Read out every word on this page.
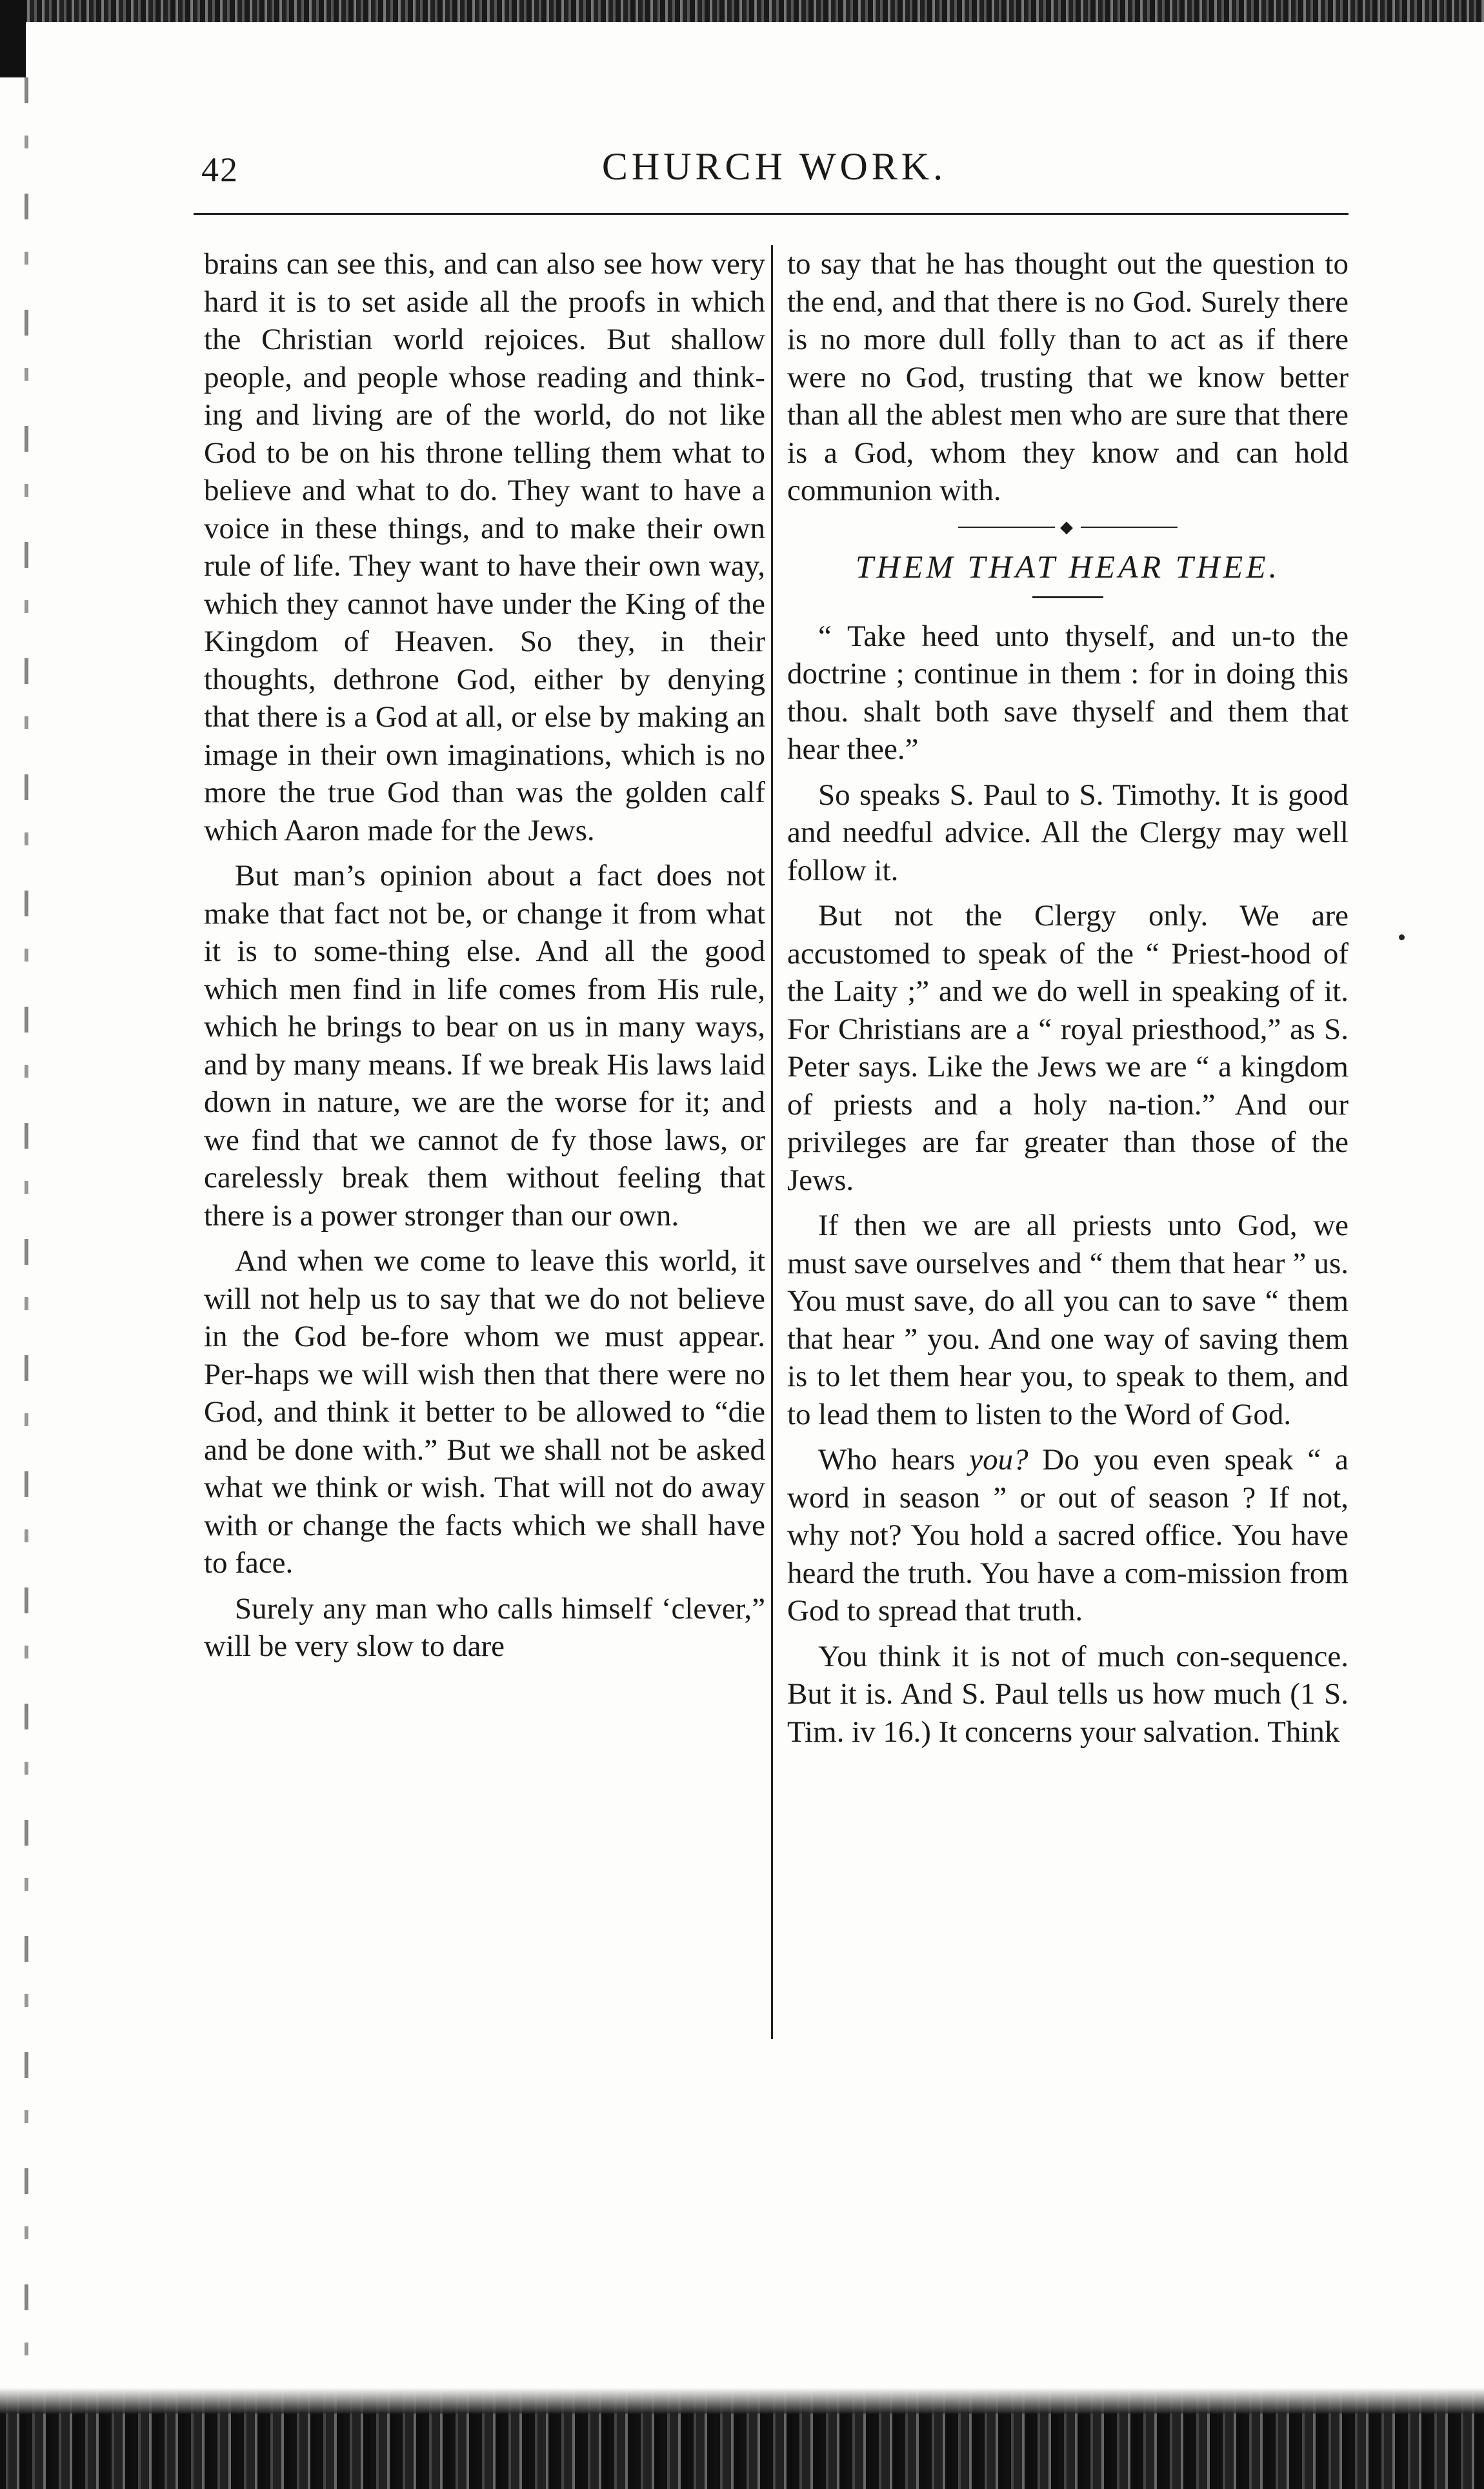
42	CHURCH WORK.

brains can see this, and can also see how very hard it is to set aside all the proofs in which the Christian world rejoices. But shallow people, and people whose reading and think-ing and living are of the world, do not like God to be on his throne telling them what to believe and what to do. They want to have a voice in these things, and to make their own rule of life. They want to have their own way, which they cannot have under the King of the Kingdom of Heaven. So they, in their thoughts, dethrone God, either by denying that there is a God at all, or else by making an image in their own imaginations, which is no more the true God than was the golden calf which Aaron made for the Jews.

But man’s opinion about a fact does not make that fact not be, or change it from what it is to some-thing else. And all the good which men find in life comes from His rule, which he brings to bear on us in many ways, and by many means. If we break His laws laid down in nature, we are the worse for it; and we find that we cannot de fy those laws, or carelessly break them without feeling that there is a power stronger than our own.

And when we come to leave this world, it will not help us to say that we do not believe in the God be-fore whom we must appear. Per-haps we will wish then that there were no God, and think it better to be allowed to “die and be done with.” But we shall not be asked what we think or wish. That will not do away with or change the facts which we shall have to face.

Surely any man who calls himself ‘clever,” will be very slow to dare

to say that he has thought out the question to the end, and that there is no God. Surely there is no more dull folly than to act as if there were no God, trusting that we know better than all the ablest men who are sure that there is a God, whom they know and can hold communion with.

◆
THEM THAT HEAR THEE.

“ Take heed unto thyself, and un-to the doctrine ; continue in them : for in doing this thou. shalt both save thyself and them that hear thee.”

So speaks S. Paul to S. Timothy. It is good and needful advice. All the Clergy may well follow it.

But not the Clergy only. We are accustomed to speak of the “ Priest-hood of the Laity ;” and we do well in speaking of it. For Christians are a “ royal priesthood,” as S. Peter says. Like the Jews we are “ a kingdom of priests and a holy na-tion.” And our privileges are far greater than those of the Jews.

If then we are all priests unto God, we must save ourselves and “ them that hear ” us. You must save, do all you can to save “ them that hear ” you. And one way of saving them is to let them hear you, to speak to them, and to lead them to listen to the Word of God.

Who hears you? Do you even speak “ a word in season ” or out of season ? If not, why not? You hold a sacred office. You have heard the truth. You have a com-mission from God to spread that truth.

You think it is not of much con-sequence. But it is. And S. Paul tells us how much (1 S. Tim. iv 16.) It concerns your salvation. Think
